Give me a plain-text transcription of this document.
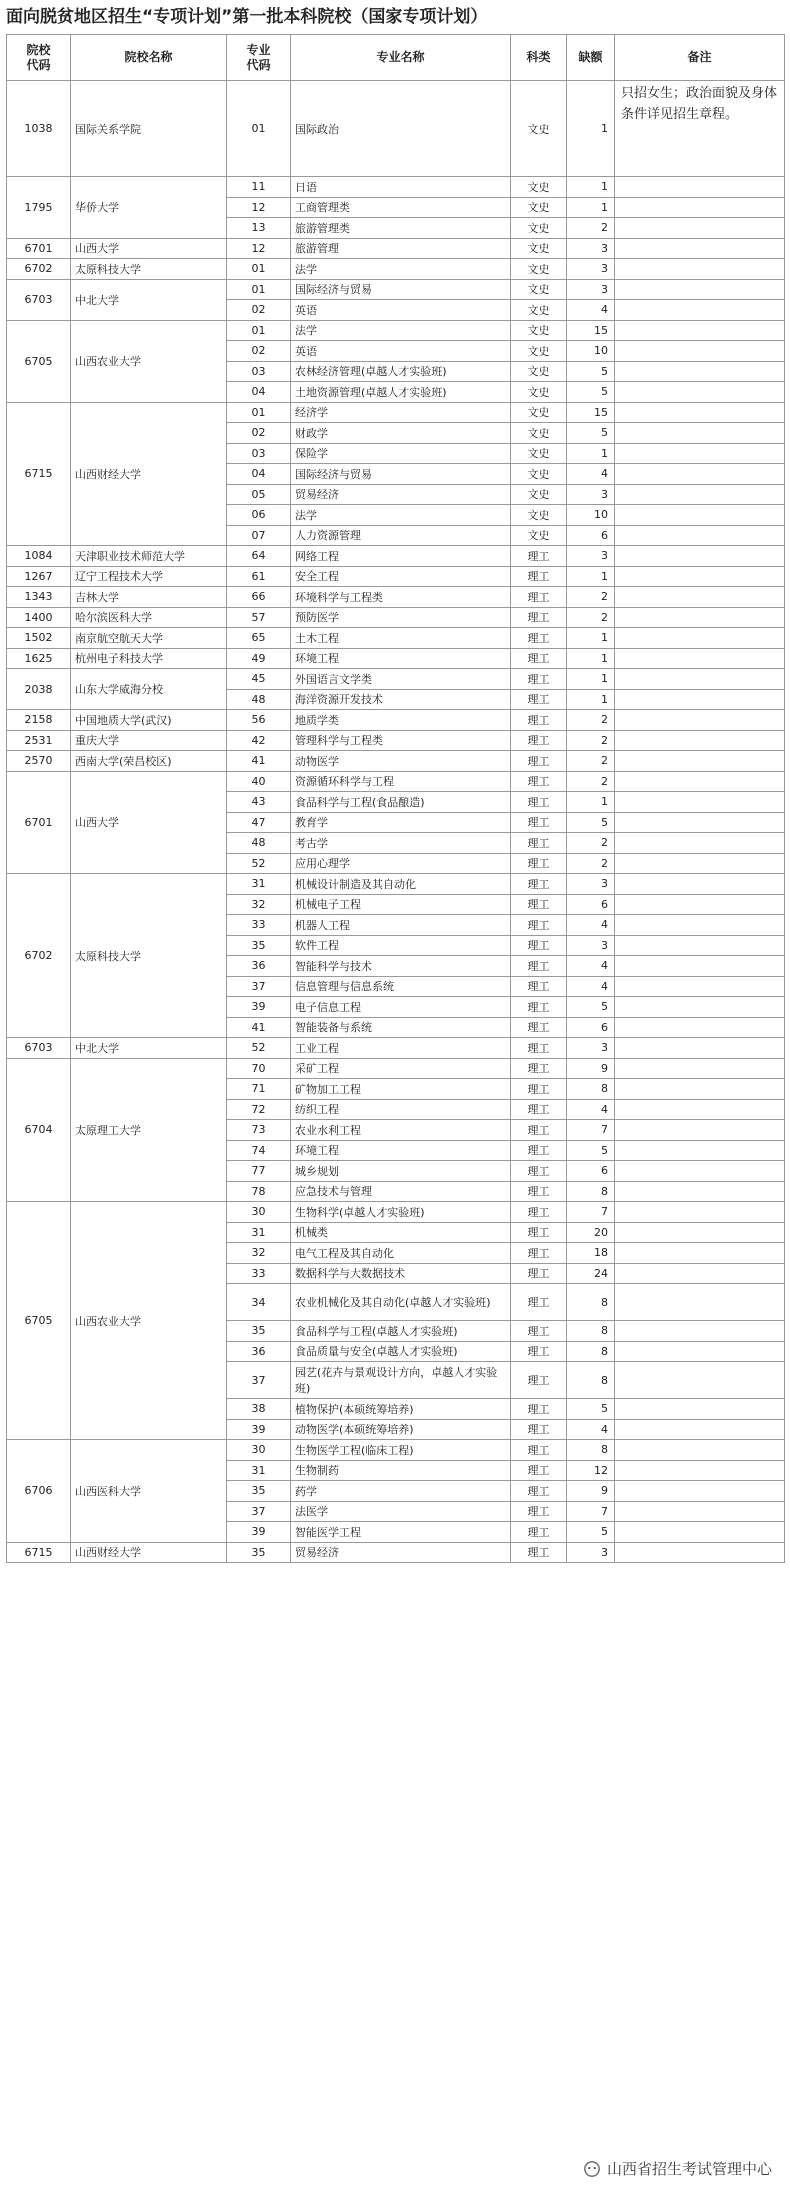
面向脱贫地区招生“专项计划”第一批本科院校（国家专项计划）
院校
代码	院校名称	专业
代码	专业名称	科类	缺额	备注
1038	国际关系学院	01	国际政治	文史	1	只招女生；政治面貌及身体条件详见招生章程。
1795	华侨大学	11	日语	文史	1	
		12	工商管理类	文史	1	
		13	旅游管理类	文史	2	
6701	山西大学	12	旅游管理	文史	3	
6702	太原科技大学	01	法学	文史	3	
6703	中北大学	01	国际经济与贸易	文史	3	
		02	英语	文史	4	
6705	山西农业大学	01	法学	文史	15	
		02	英语	文史	10	
		03	农林经济管理(卓越人才实验班)	文史	5	
		04	土地资源管理(卓越人才实验班)	文史	5	
6715	山西财经大学	01	经济学	文史	15	
		02	财政学	文史	5	
		03	保险学	文史	1	
		04	国际经济与贸易	文史	4	
		05	贸易经济	文史	3	
		06	法学	文史	10	
		07	人力资源管理	文史	6	
1084	天津职业技术师范大学	64	网络工程	理工	3	
1267	辽宁工程技术大学	61	安全工程	理工	1	
1343	吉林大学	66	环境科学与工程类	理工	2	
1400	哈尔滨医科大学	57	预防医学	理工	2	
1502	南京航空航天大学	65	土木工程	理工	1	
1625	杭州电子科技大学	49	环境工程	理工	1	
2038	山东大学威海分校	45	外国语言文学类	理工	1	
		48	海洋资源开发技术	理工	1	
2158	中国地质大学(武汉)	56	地质学类	理工	2	
2531	重庆大学	42	管理科学与工程类	理工	2	
2570	西南大学(荣昌校区)	41	动物医学	理工	2	
6701	山西大学	40	资源循环科学与工程	理工	2	
		43	食品科学与工程(食品酿造)	理工	1	
		47	教育学	理工	5	
		48	考古学	理工	2	
		52	应用心理学	理工	2	
6702	太原科技大学	31	机械设计制造及其自动化	理工	3	
		32	机械电子工程	理工	6	
		33	机器人工程	理工	4	
		35	软件工程	理工	3	
		36	智能科学与技术	理工	4	
		37	信息管理与信息系统	理工	4	
		39	电子信息工程	理工	5	
		41	智能装备与系统	理工	6	
6703	中北大学	52	工业工程	理工	3	
6704	太原理工大学	70	采矿工程	理工	9	
		71	矿物加工工程	理工	8	
		72	纺织工程	理工	4	
		73	农业水利工程	理工	7	
		74	环境工程	理工	5	
		77	城乡规划	理工	6	
		78	应急技术与管理	理工	8	
6705	山西农业大学	30	生物科学(卓越人才实验班)	理工	7	
		31	机械类	理工	20	
		32	电气工程及其自动化	理工	18	
		33	数据科学与大数据技术	理工	24	
		34	农业机械化及其自动化(卓越人才实验班)	理工	8	
		35	食品科学与工程(卓越人才实验班)	理工	8	
		36	食品质量与安全(卓越人才实验班)	理工	8	
		37	园艺(花卉与景观设计方向，卓越人才实验班)	理工	8	
		38	植物保护(本硕统筹培养)	理工	5	
		39	动物医学(本硕统筹培养)	理工	4	
6706	山西医科大学	30	生物医学工程(临床工程)	理工	8	
		31	生物制药	理工	12	
		35	药学	理工	9	
		37	法医学	理工	7	
		39	智能医学工程	理工	5	
6715	山西财经大学	35	贸易经济	理工	3	
山西省招生考试管理中心
